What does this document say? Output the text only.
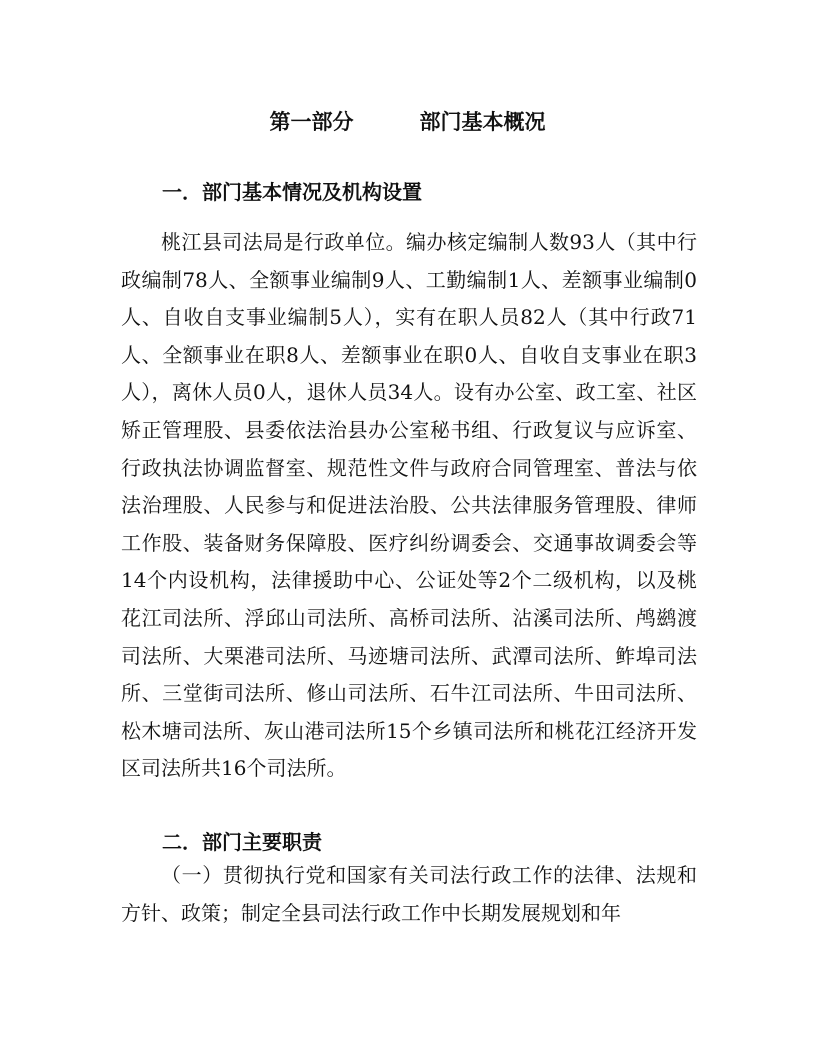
第一部分	部门基本概况
一．部门基本情况及机构设置

桃江县司法局是行政单位。编办核定编制人数93人（其中行政编制78人、全额事业编制9人、工勤编制1人、差额事业编制0人、自收自支事业编制5人），实有在职人员82人（其中行政71人、全额事业在职8人、差额事业在职0人、自收自支事业在职3人），离休人员0人，退休人员34人。设有办公室、政工室、社区矫正管理股、县委依法治县办公室秘书组、行政复议与应诉室、行政执法协调监督室、规范性文件与政府合同管理室、普法与依法治理股、人民参与和促进法治股、公共法律服务管理股、律师工作股、装备财务保障股、医疗纠纷调委会、交通事故调委会等14个内设机构，法律援助中心、公证处等2个二级机构，以及桃花江司法所、浮邱山司法所、高桥司法所、沾溪司法所、鸬鹚渡司法所、大栗港司法所、马迹塘司法所、武潭司法所、鲊埠司法所、三堂街司法所、修山司法所、石牛江司法所、牛田司法所、松木塘司法所、灰山港司法所15个乡镇司法所和桃花江经济开发区司法所共16个司法所。

二．部门主要职责

（一）贯彻执行党和国家有关司法行政工作的法律、法规和方针、政策；制定全县司法行政工作中长期发展规划和年
